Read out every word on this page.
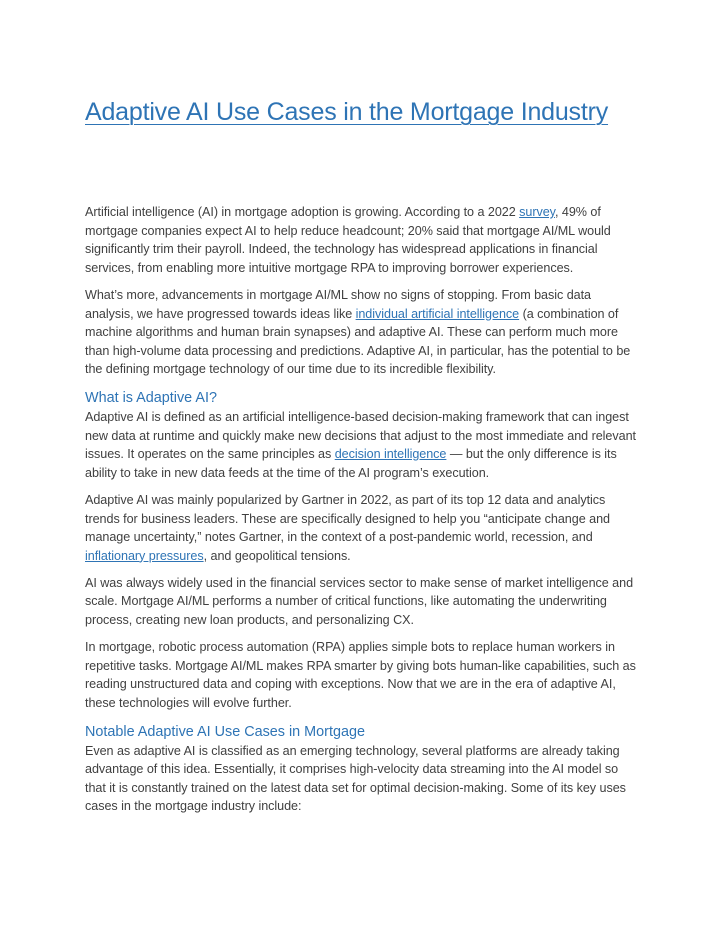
Adaptive AI Use Cases in the Mortgage Industry

Artificial intelligence (AI) in mortgage adoption is growing. According to a 2022 survey, 49% of mortgage companies expect AI to help reduce headcount; 20% said that mortgage AI/ML would significantly trim their payroll. Indeed, the technology has widespread applications in financial services, from enabling more intuitive mortgage RPA to improving borrower experiences.

What’s more, advancements in mortgage AI/ML show no signs of stopping. From basic data analysis, we have progressed towards ideas like individual artificial intelligence (a combination of machine algorithms and human brain synapses) and adaptive AI. These can perform much more than high-volume data processing and predictions. Adaptive AI, in particular, has the potential to be the defining mortgage technology of our time due to its incredible flexibility.

What is Adaptive AI?

Adaptive AI is defined as an artificial intelligence-based decision-making framework that can ingest new data at runtime and quickly make new decisions that adjust to the most immediate and relevant issues. It operates on the same principles as decision intelligence — but the only difference is its ability to take in new data feeds at the time of the AI program’s execution.

Adaptive AI was mainly popularized by Gartner in 2022, as part of its top 12 data and analytics trends for business leaders. These are specifically designed to help you “anticipate change and manage uncertainty,” notes Gartner, in the context of a post-pandemic world, recession, and inflationary pressures, and geopolitical tensions.

AI was always widely used in the financial services sector to make sense of market intelligence and scale. Mortgage AI/ML performs a number of critical functions, like automating the underwriting process, creating new loan products, and personalizing CX.

In mortgage, robotic process automation (RPA) applies simple bots to replace human workers in repetitive tasks. Mortgage AI/ML makes RPA smarter by giving bots human-like capabilities, such as reading unstructured data and coping with exceptions. Now that we are in the era of adaptive AI, these technologies will evolve further.

Notable Adaptive AI Use Cases in Mortgage

Even as adaptive AI is classified as an emerging technology, several platforms are already taking advantage of this idea. Essentially, it comprises high-velocity data streaming into the AI model so that it is constantly trained on the latest data set for optimal decision-making. Some of its key uses cases in the mortgage industry include:
